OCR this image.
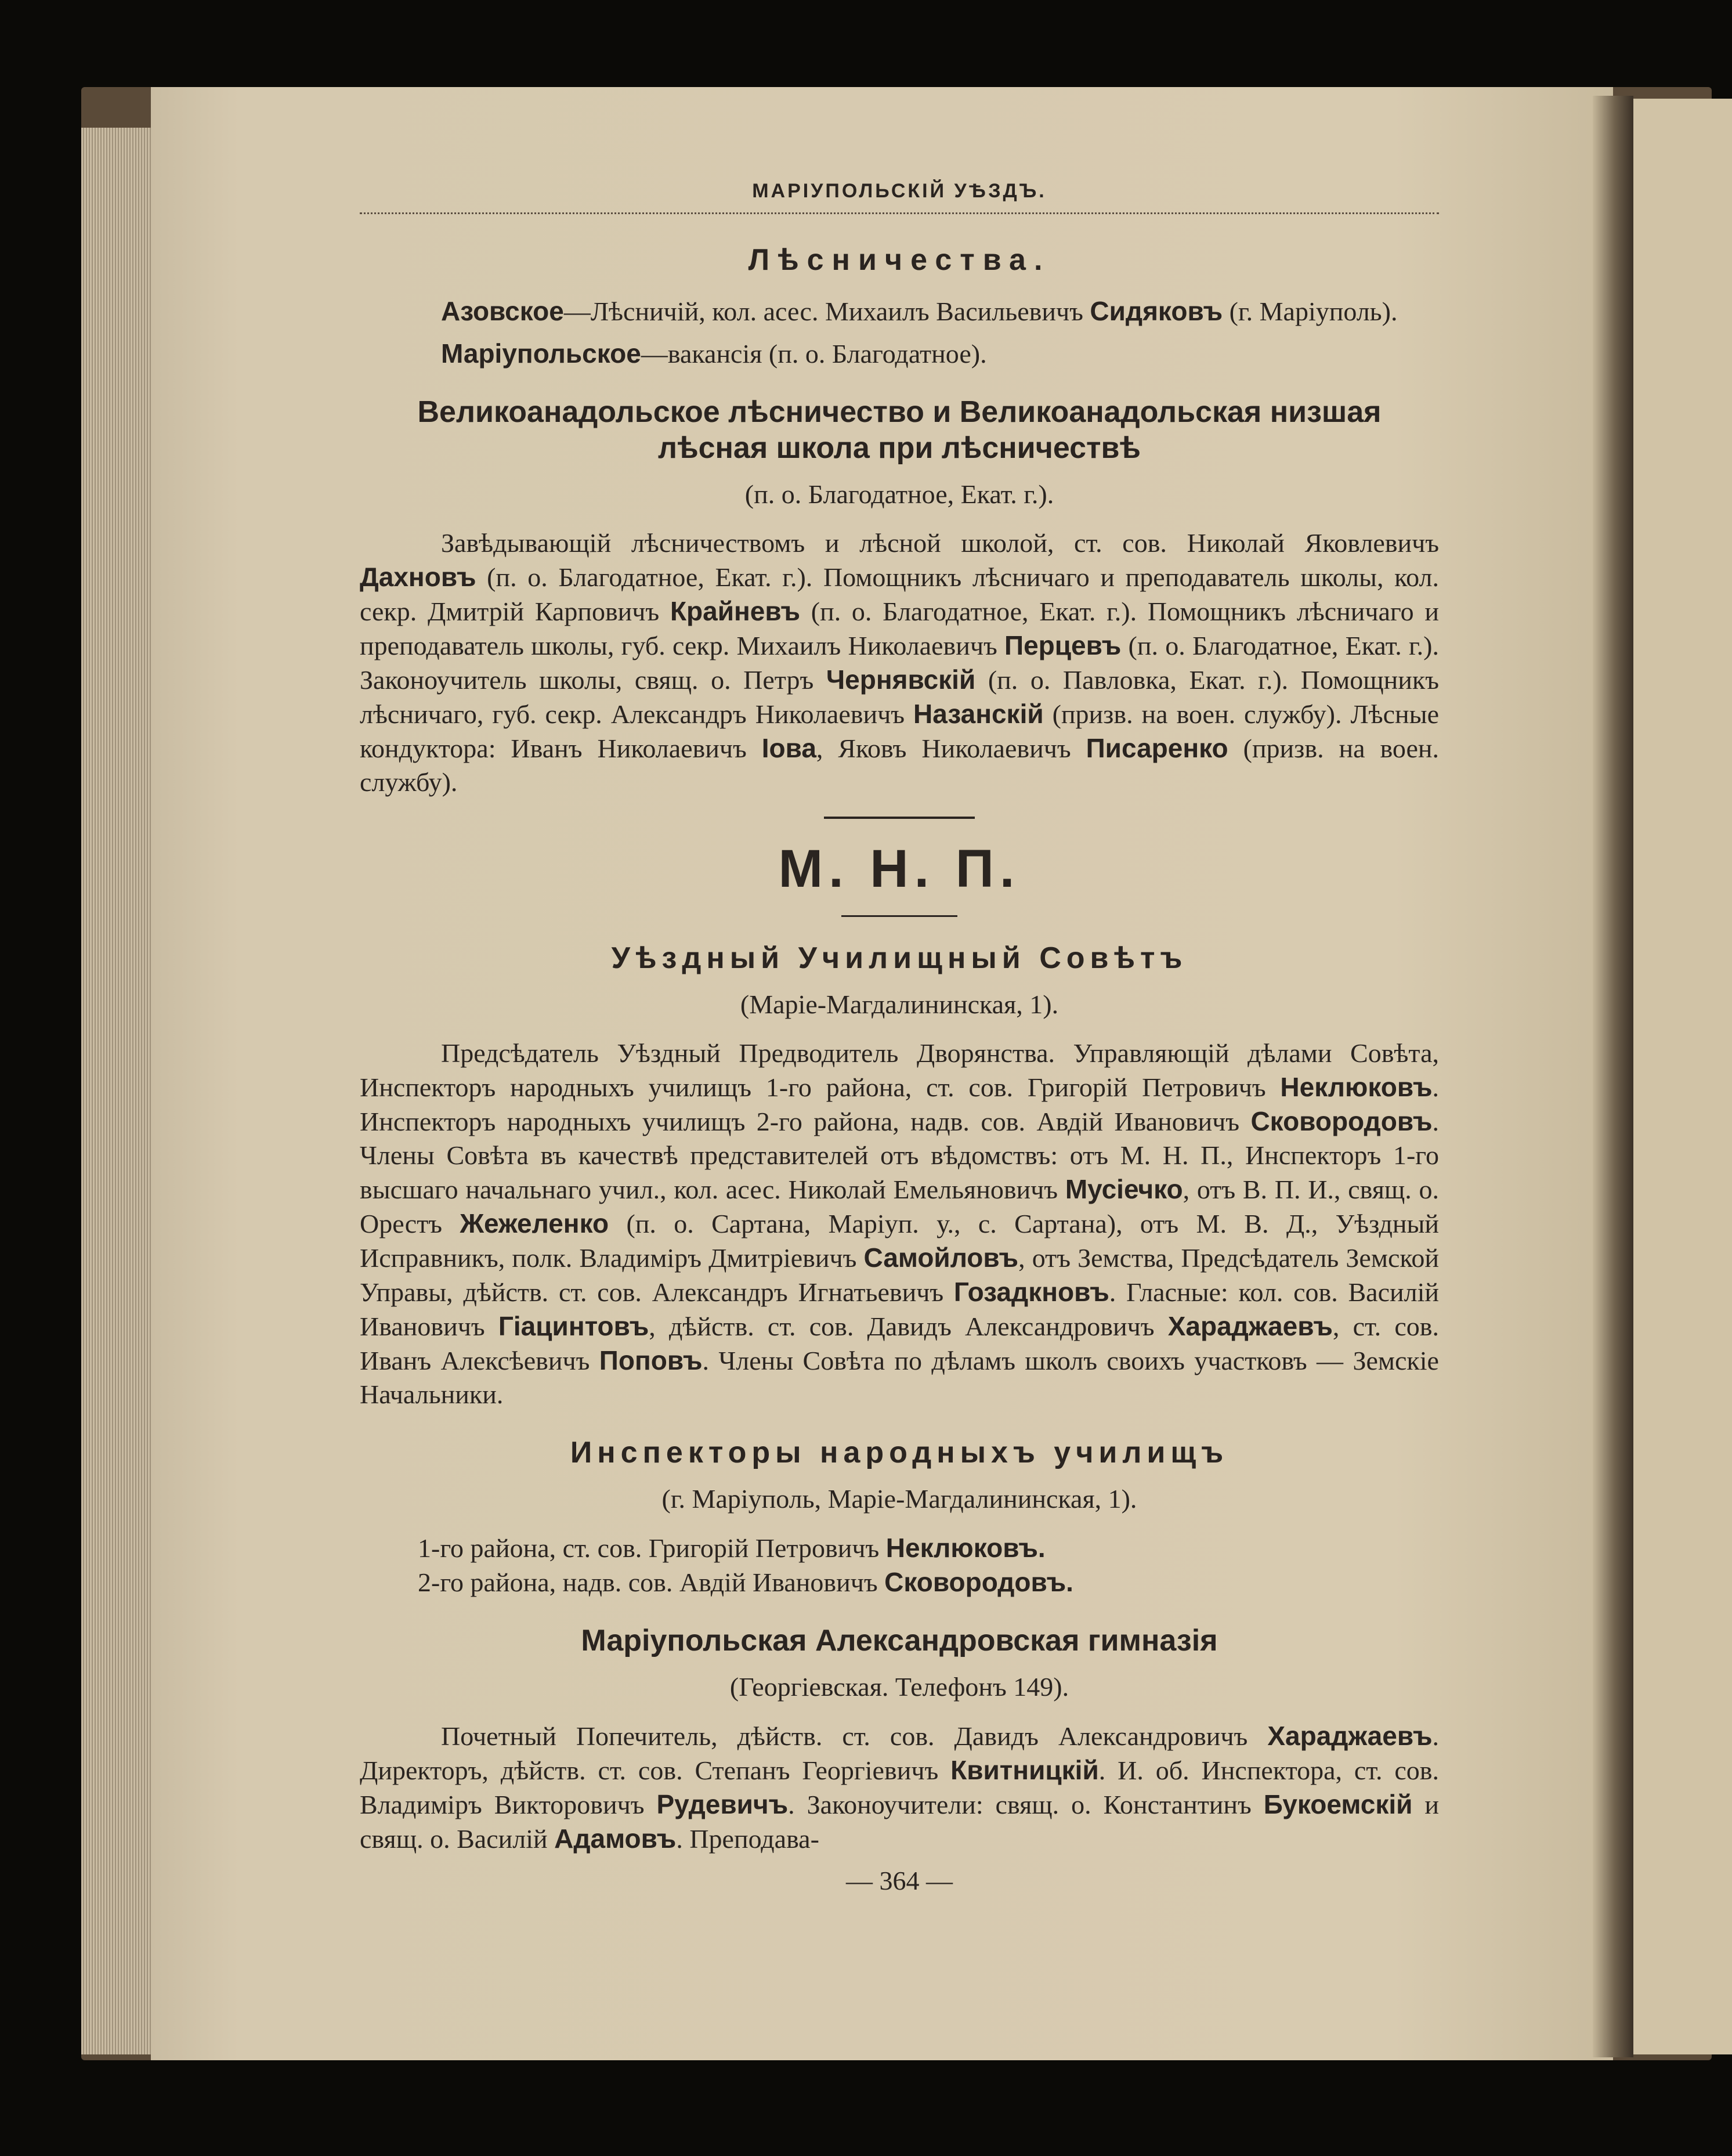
МАРІУПОЛЬСКІЙ УѢЗДЪ.
Лѣсничества.

Азовское—Лѣсничій, кол. асес. Михаилъ Васильевичъ Сидяковъ (г. Маріуполь).

Маріупольское—вакансія (п. о. Благодатное).

Великоанадольское лѣсничество и Великоанадольская низшая лѣсная школа при лѣсничествѣ
(п. о. Благодатное, Екат. г.).

Завѣдывающій лѣсничествомъ и лѣсной школой, ст. сов. Николай Яковлевичъ Дахновъ (п. о. Благодатное, Екат. г.). Помощникъ лѣсничаго и преподаватель школы, кол. секр. Дмитрій Карповичъ Крайневъ (п. о. Благодатное, Екат. г.). Помощникъ лѣсничаго и преподаватель школы, губ. секр. Михаилъ Николаевичъ Перцевъ (п. о. Благодатное, Екат. г.). Законоучитель школы, свящ. о. Петръ Чернявскій (п. о. Павловка, Екат. г.). Помощникъ лѣсничаго, губ. секр. Александръ Николаевичъ Назанскій (призв. на воен. службу). Лѣсные кондуктора: Иванъ Николаевичъ Іова, Яковъ Николаевичъ Писаренко (призв. на воен. службу).

М. Н. П.
Уѣздный Училищный Совѣтъ
(Маріе-Магдалининская, 1).

Предсѣдатель Уѣздный Предводитель Дворянства. Управляющій дѣлами Совѣта, Инспекторъ народныхъ училищъ 1-го района, ст. сов. Григорій Петровичъ Неклюковъ. Инспекторъ народныхъ училищъ 2-го района, надв. сов. Авдій Ивановичъ Сковородовъ. Члены Совѣта въ качествѣ представителей отъ вѣдомствъ: отъ М. Н. П., Инспекторъ 1-го высшаго начальнаго учил., кол. асес. Николай Емельяновичъ Мусіечко, отъ В. П. И., свящ. о. Орестъ Жежеленко (п. о. Сартана, Маріуп. у., с. Сартана), отъ М. В. Д., Уѣздный Исправникъ, полк. Владиміръ Дмитріевичъ Самойловъ, отъ Земства, Предсѣдатель Земской Управы, дѣйств. ст. сов. Александръ Игнатьевичъ Гозадкновъ. Гласные: кол. сов. Василій Ивановичъ Гіацинтовъ, дѣйств. ст. сов. Давидъ Александровичъ Хараджаевъ, ст. сов. Иванъ Алексѣевичъ Поповъ. Члены Совѣта по дѣламъ школъ своихъ участковъ — Земскіе Начальники.

Инспекторы народныхъ училищъ
(г. Маріуполь, Маріе-Магдалининская, 1).

1-го района, ст. сов. Григорій Петровичъ Неклюковъ.

2-го района, надв. сов. Авдій Ивановичъ Сковородовъ.

Маріупольская Александровская гимназія
(Георгіевская. Телефонъ 149).

Почетный Попечитель, дѣйств. ст. сов. Давидъ Александровичъ Хараджаевъ. Директоръ, дѣйств. ст. сов. Степанъ Георгіевичъ Квитницкій. И. об. Инспектора, ст. сов. Владиміръ Викторовичъ Рудевичъ. Законоучители: свящ. о. Константинъ Букоемскій и свящ. о. Василій Адамовъ. Преподава-

— 364 —
